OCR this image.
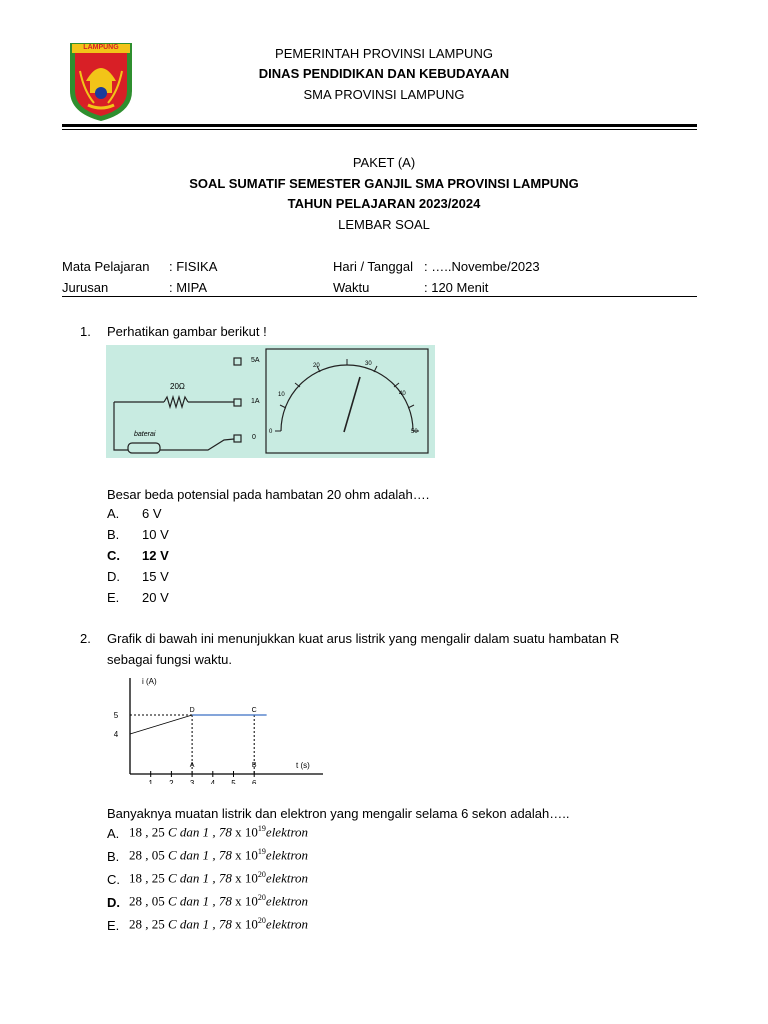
LAMPUNG	PEMERINTAH PROVINSI LAMPUNG
DINAS PENDIDIKAN DAN KEBUDAYAAN
SMA PROVINSI LAMPUNG
PAKET (A)
SOAL SUMATIF SEMESTER GANJIL SMA PROVINSI LAMPUNG
TAHUN PELAJARAN 2023/2024
LEMBAR SOAL
Mata Pelajaran : FISIKA	Hari / Tanggal : …..Novembe/2023
Jurusan	: MIPA	Waktu	: 120 Menit
1. Perhatikan gambar berikut !
20Ω
baterai
5A
1A
0
0
10
20	30
40
50
Besar beda potensial pada hambatan 20 ohm adalah….
A. 6 V
B. 10 V
C. 12 V
D. 15 V
E. 20 V
2. Grafik di bawah ini menunjukkan kuat arus listrik yang mengalir dalam suatu hambatan R
sebagai fungsi waktu.
i (A)
t (s)
1 2 3 4 5 6
4
5
D	C
A	B
Banyaknya muatan listrik dan elektron yang mengalir selama 6 sekon adalah…..
A. 18 , 25 C dan 1 , 78 x $10^{19}elektron$
B. 28 , 05 C dan 1 , 78 x $10^{19}elektron$
C. 18 , 25 C dan 1 , 78 x $10^{20}elektron$
D. 28 , 05 C dan 1 , 78 x $10^{20}elektron$
E. 28 , 25 C dan 1 , 78 x $10^{20}elektron$
